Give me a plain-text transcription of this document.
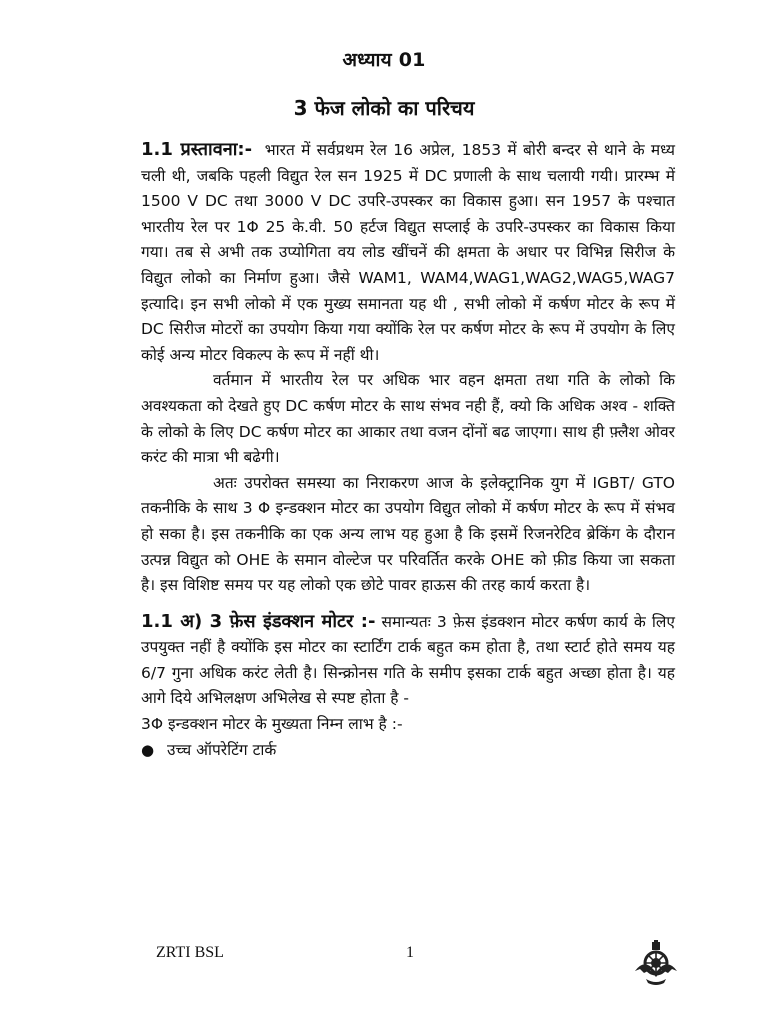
अध्याय 01
3 फेज लोको का परिचय

1.1 प्रस्तावना:- भारत में सर्वप्रथम रेल 16 अप्रेल, 1853 में बोरी बन्दर से थाने के मध्य चली थी, जबकि पहली विद्युत रेल सन 1925 में DC प्रणाली के साथ चलायी गयी। प्रारम्भ में 1500 V DC तथा 3000 V DC उपरि-उपस्कर का विकास हुआ। सन 1957 के पश्चात भारतीय रेल पर 1Φ 25 के.वी. 50 हर्टज विद्युत सप्लाई के उपरि-उपस्कर का विकास किया गया। तब से अभी तक उप्योगिता वय लोड खींचनें की क्षमता के अधार पर विभिन्न सिरीज के विद्युत लोको का निर्माण हुआ। जैसे WAM1, WAM4,WAG1,WAG2,WAG5,WAG7 इत्यादि। इन सभी लोको में एक मुख्य समानता यह थी , सभी लोको में कर्षण मोटर के रूप में DC सिरीज मोटरों का उपयोग किया गया क्योंकि रेल पर कर्षण मोटर के रूप में उपयोग के लिए कोई अन्य मोटर विकल्प के रूप में नहीं थी।

वर्तमान में भारतीय रेल पर अधिक भार वहन क्षमता तथा गति के लोको कि अवश्यकता को देखते हुए DC कर्षण मोटर के साथ संभव नही हैं, क्यो कि अधिक अश्व - शक्ति के लोको के लिए DC कर्षण मोटर का आकार तथा वजन दोंनों बढ जाएगा। साथ ही फ़्लैश ओवर करंट की मात्रा भी बढेगी।

अतः उपरोक्त समस्या का निराकरण आज के इलेक्ट्रानिक युग में IGBT/ GTO तकनीकि के साथ 3 Φ इन्डक्शन मोटर का उपयोग विद्युत लोको में कर्षण मोटर के रूप में संभव हो सका है। इस तकनीकि का एक अन्य लाभ यह हुआ है कि इसमें रिजनरेटिव ब्रेकिंग के दौरान उत्पन्न विद्युत को OHE के समान वोल्टेज पर परिवर्तित करके OHE को फ़ीड किया जा सकता है। इस विशिष्ट समय पर यह लोको एक छोटे पावर हाऊस की तरह कार्य करता है।

1.1 अ) 3 फ़ेस इंडक्शन मोटर :- समान्यतः 3 फ़ेस इंडक्शन मोटर कर्षण कार्य के लिए उपयुक्त नहीं है क्योंकि इस मोटर का स्टार्टिंग टार्क बहुत कम होता है, तथा स्टार्ट होते समय यह 6/7 गुना अधिक करंट लेती है। सिन्क्रोनस गति के समीप इसका टार्क बहुत अच्छा होता है। यह आगे दिये अभिलक्षण अभिलेख से स्पष्ट होता है -

3Φ इन्डक्शन मोटर के मुख्यता निम्न लाभ है :-

● उच्च ऑपरेटिंग टार्क
ZRTI BSL	1
